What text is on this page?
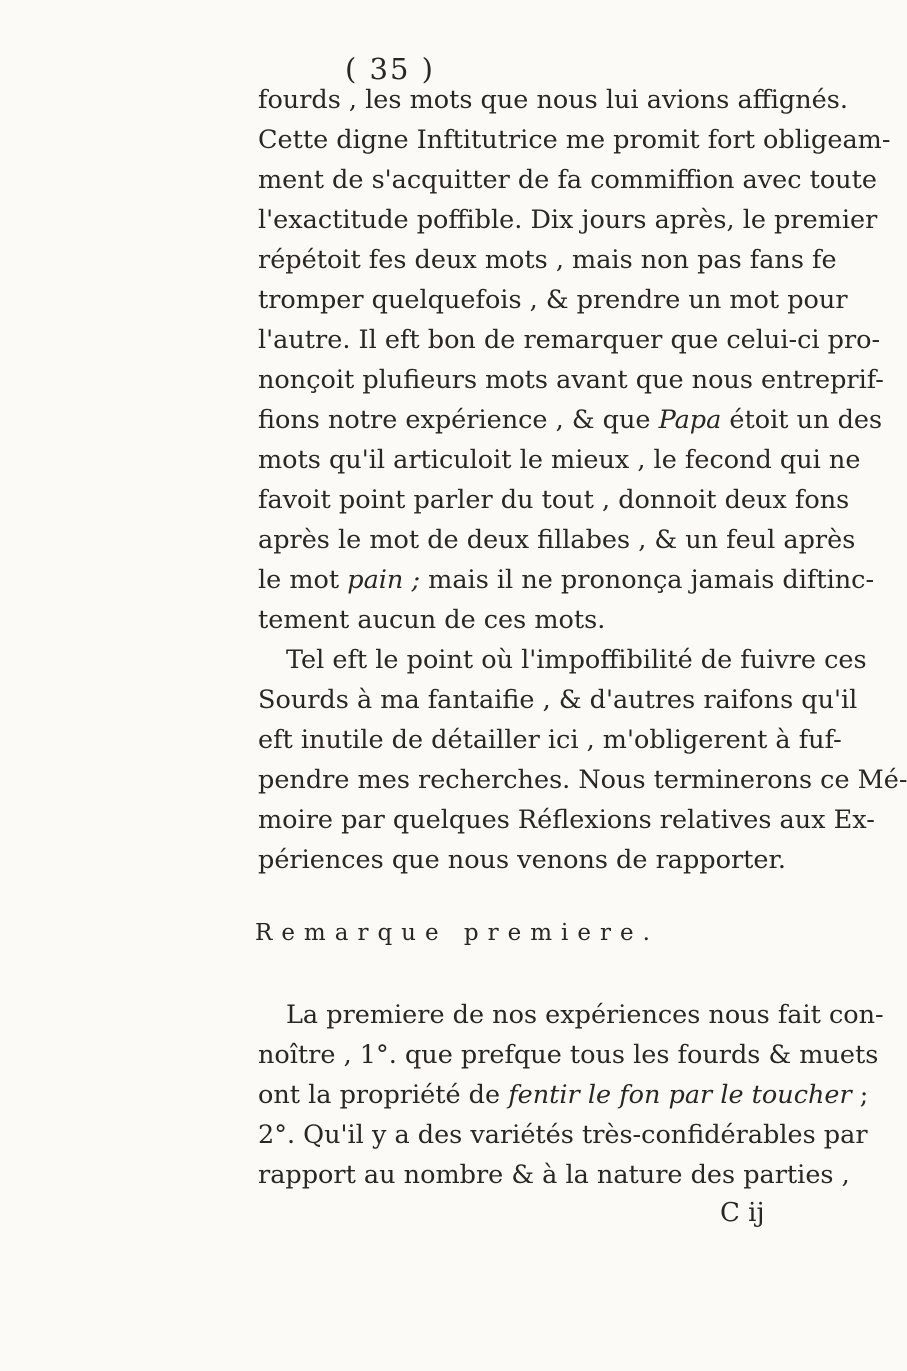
( 35 )
fourds , les mots que nous lui avions affignés.
Cette digne Inftitutrice me promit fort obligeam-
ment de s'acquitter de fa commiffion avec toute
l'exactitude poffible. Dix jours après, le premier
répétoit fes deux mots , mais non pas fans fe
tromper quelquefois , & prendre un mot pour
l'autre. Il eft bon de remarquer que celui-ci pro-
nonçoit plufieurs mots avant que nous entreprif-
fions notre expérience , & que Papa étoit un des
mots qu'il articuloit le mieux , le fecond qui ne
favoit point parler du tout , donnoit deux fons
après le mot de deux fillabes , & un feul après
le mot pain ; mais il ne prononça jamais diftinc-
tement aucun de ces mots.
Tel eft le point où l'impoffibilité de fuivre ces
Sourds à ma fantaifie , & d'autres raifons qu'il
eft inutile de détailler ici , m'obligerent à fuf-
pendre mes recherches. Nous terminerons ce Mé-
moire par quelques Réflexions relatives aux Ex-
périences que nous venons de rapporter.
Remarque premiere.
La premiere de nos expériences nous fait con-
noître , 1°. que prefque tous les fourds & muets
ont la propriété de fentir le fon par le toucher ;
2°. Qu'il y a des variétés très-confidérables par
rapport au nombre & à la nature des parties ,
C ij
